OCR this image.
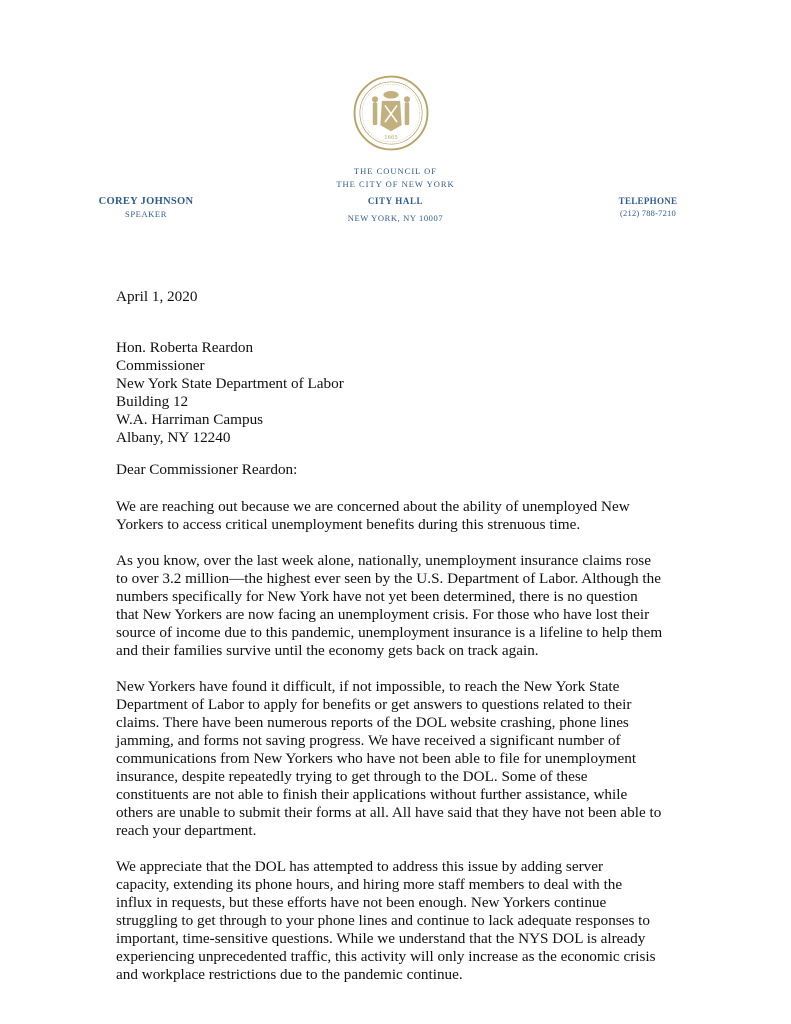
1665
THE COUNCIL OF
THE CITY OF NEW YORK
COREY JOHNSON
SPEAKER
CITY HALL
NEW YORK, NY 10007
TELEPHONE
(212) 788-7210
April 1, 2020
Hon. Roberta Reardon
Commissioner
New York State Department of Labor
Building 12
W.A. Harriman Campus
Albany, NY 12240
Dear Commissioner Reardon:
We are reaching out because we are concerned about the ability of unemployed New
Yorkers to access critical unemployment benefits during this strenuous time.
As you know, over the last week alone, nationally, unemployment insurance claims rose
to over 3.2 million—the highest ever seen by the U.S. Department of Labor. Although the
numbers specifically for New York have not yet been determined, there is no question
that New Yorkers are now facing an unemployment crisis. For those who have lost their
source of income due to this pandemic, unemployment insurance is a lifeline to help them
and their families survive until the economy gets back on track again.
New Yorkers have found it difficult, if not impossible, to reach the New York State
Department of Labor to apply for benefits or get answers to questions related to their
claims. There have been numerous reports of the DOL website crashing, phone lines
jamming, and forms not saving progress. We have received a significant number of
communications from New Yorkers who have not been able to file for unemployment
insurance, despite repeatedly trying to get through to the DOL. Some of these
constituents are not able to finish their applications without further assistance, while
others are unable to submit their forms at all. All have said that they have not been able to
reach your department.
We appreciate that the DOL has attempted to address this issue by adding server
capacity, extending its phone hours, and hiring more staff members to deal with the
influx in requests, but these efforts have not been enough. New Yorkers continue
struggling to get through to your phone lines and continue to lack adequate responses to
important, time-sensitive questions. While we understand that the NYS DOL is already
experiencing unprecedented traffic, this activity will only increase as the economic crisis
and workplace restrictions due to the pandemic continue.
